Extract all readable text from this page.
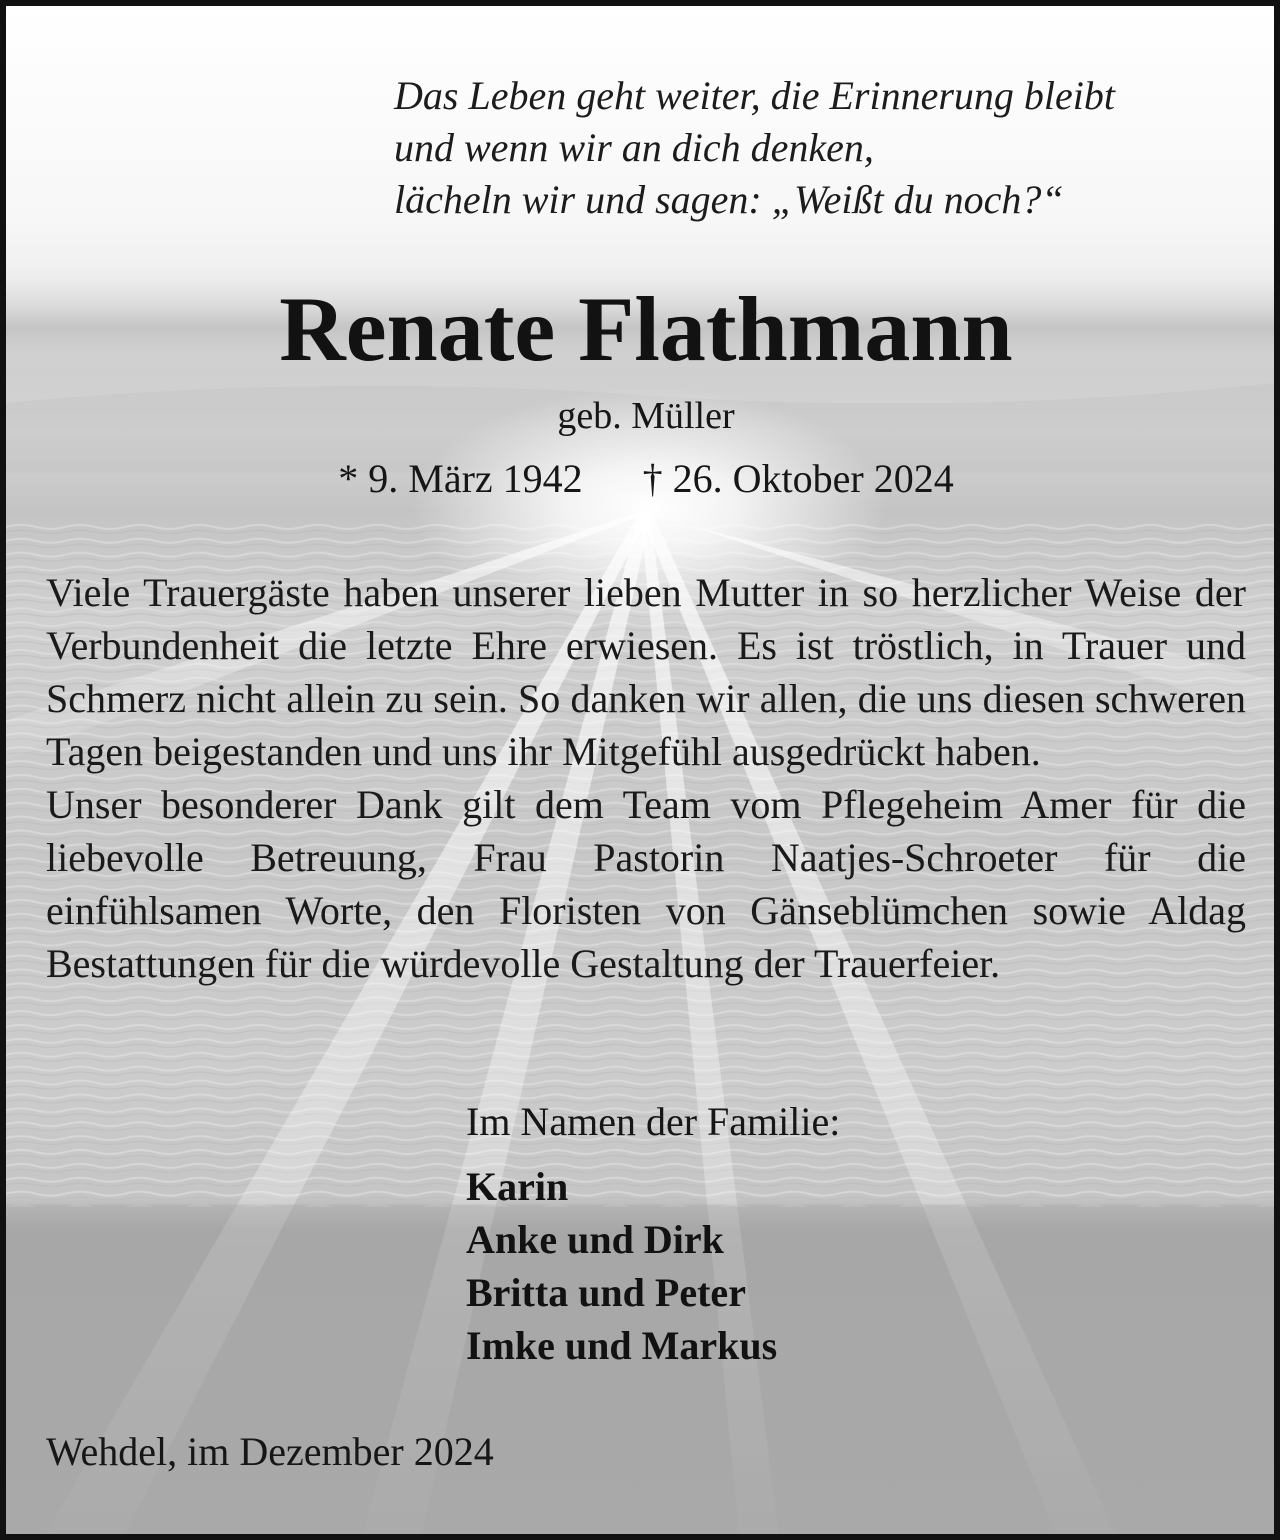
Das Leben geht weiter, die Erinnerung bleibt
und wenn wir an dich denken,
lächeln wir und sagen: „Weißt du noch?“
Renate Flathmann
geb. Müller
* 9. März 1942 † 26. Oktober 2024

Viele Trauergäste haben unserer lieben Mutter in so herzlicher Weise der Verbundenheit die letzte Ehre erwiesen. Es ist tröstlich, in Trauer und Schmerz nicht allein zu sein. So danken wir allen, die uns diesen schweren Tagen beigestanden und uns ihr Mitgefühl ausgedrückt haben.

Unser besonderer Dank gilt dem Team vom Pflegeheim Amer für die liebevolle Betreuung, Frau Pastorin Naatjes-Schroeter für die einfühlsamen Worte, den Floristen von Gänseblümchen sowie Aldag Bestattungen für die würdevolle Gestaltung der Trauerfeier.

Im Namen der Familie:
Karin
Anke und Dirk
Britta und Peter
Imke und Markus
Wehdel, im Dezember 2024
